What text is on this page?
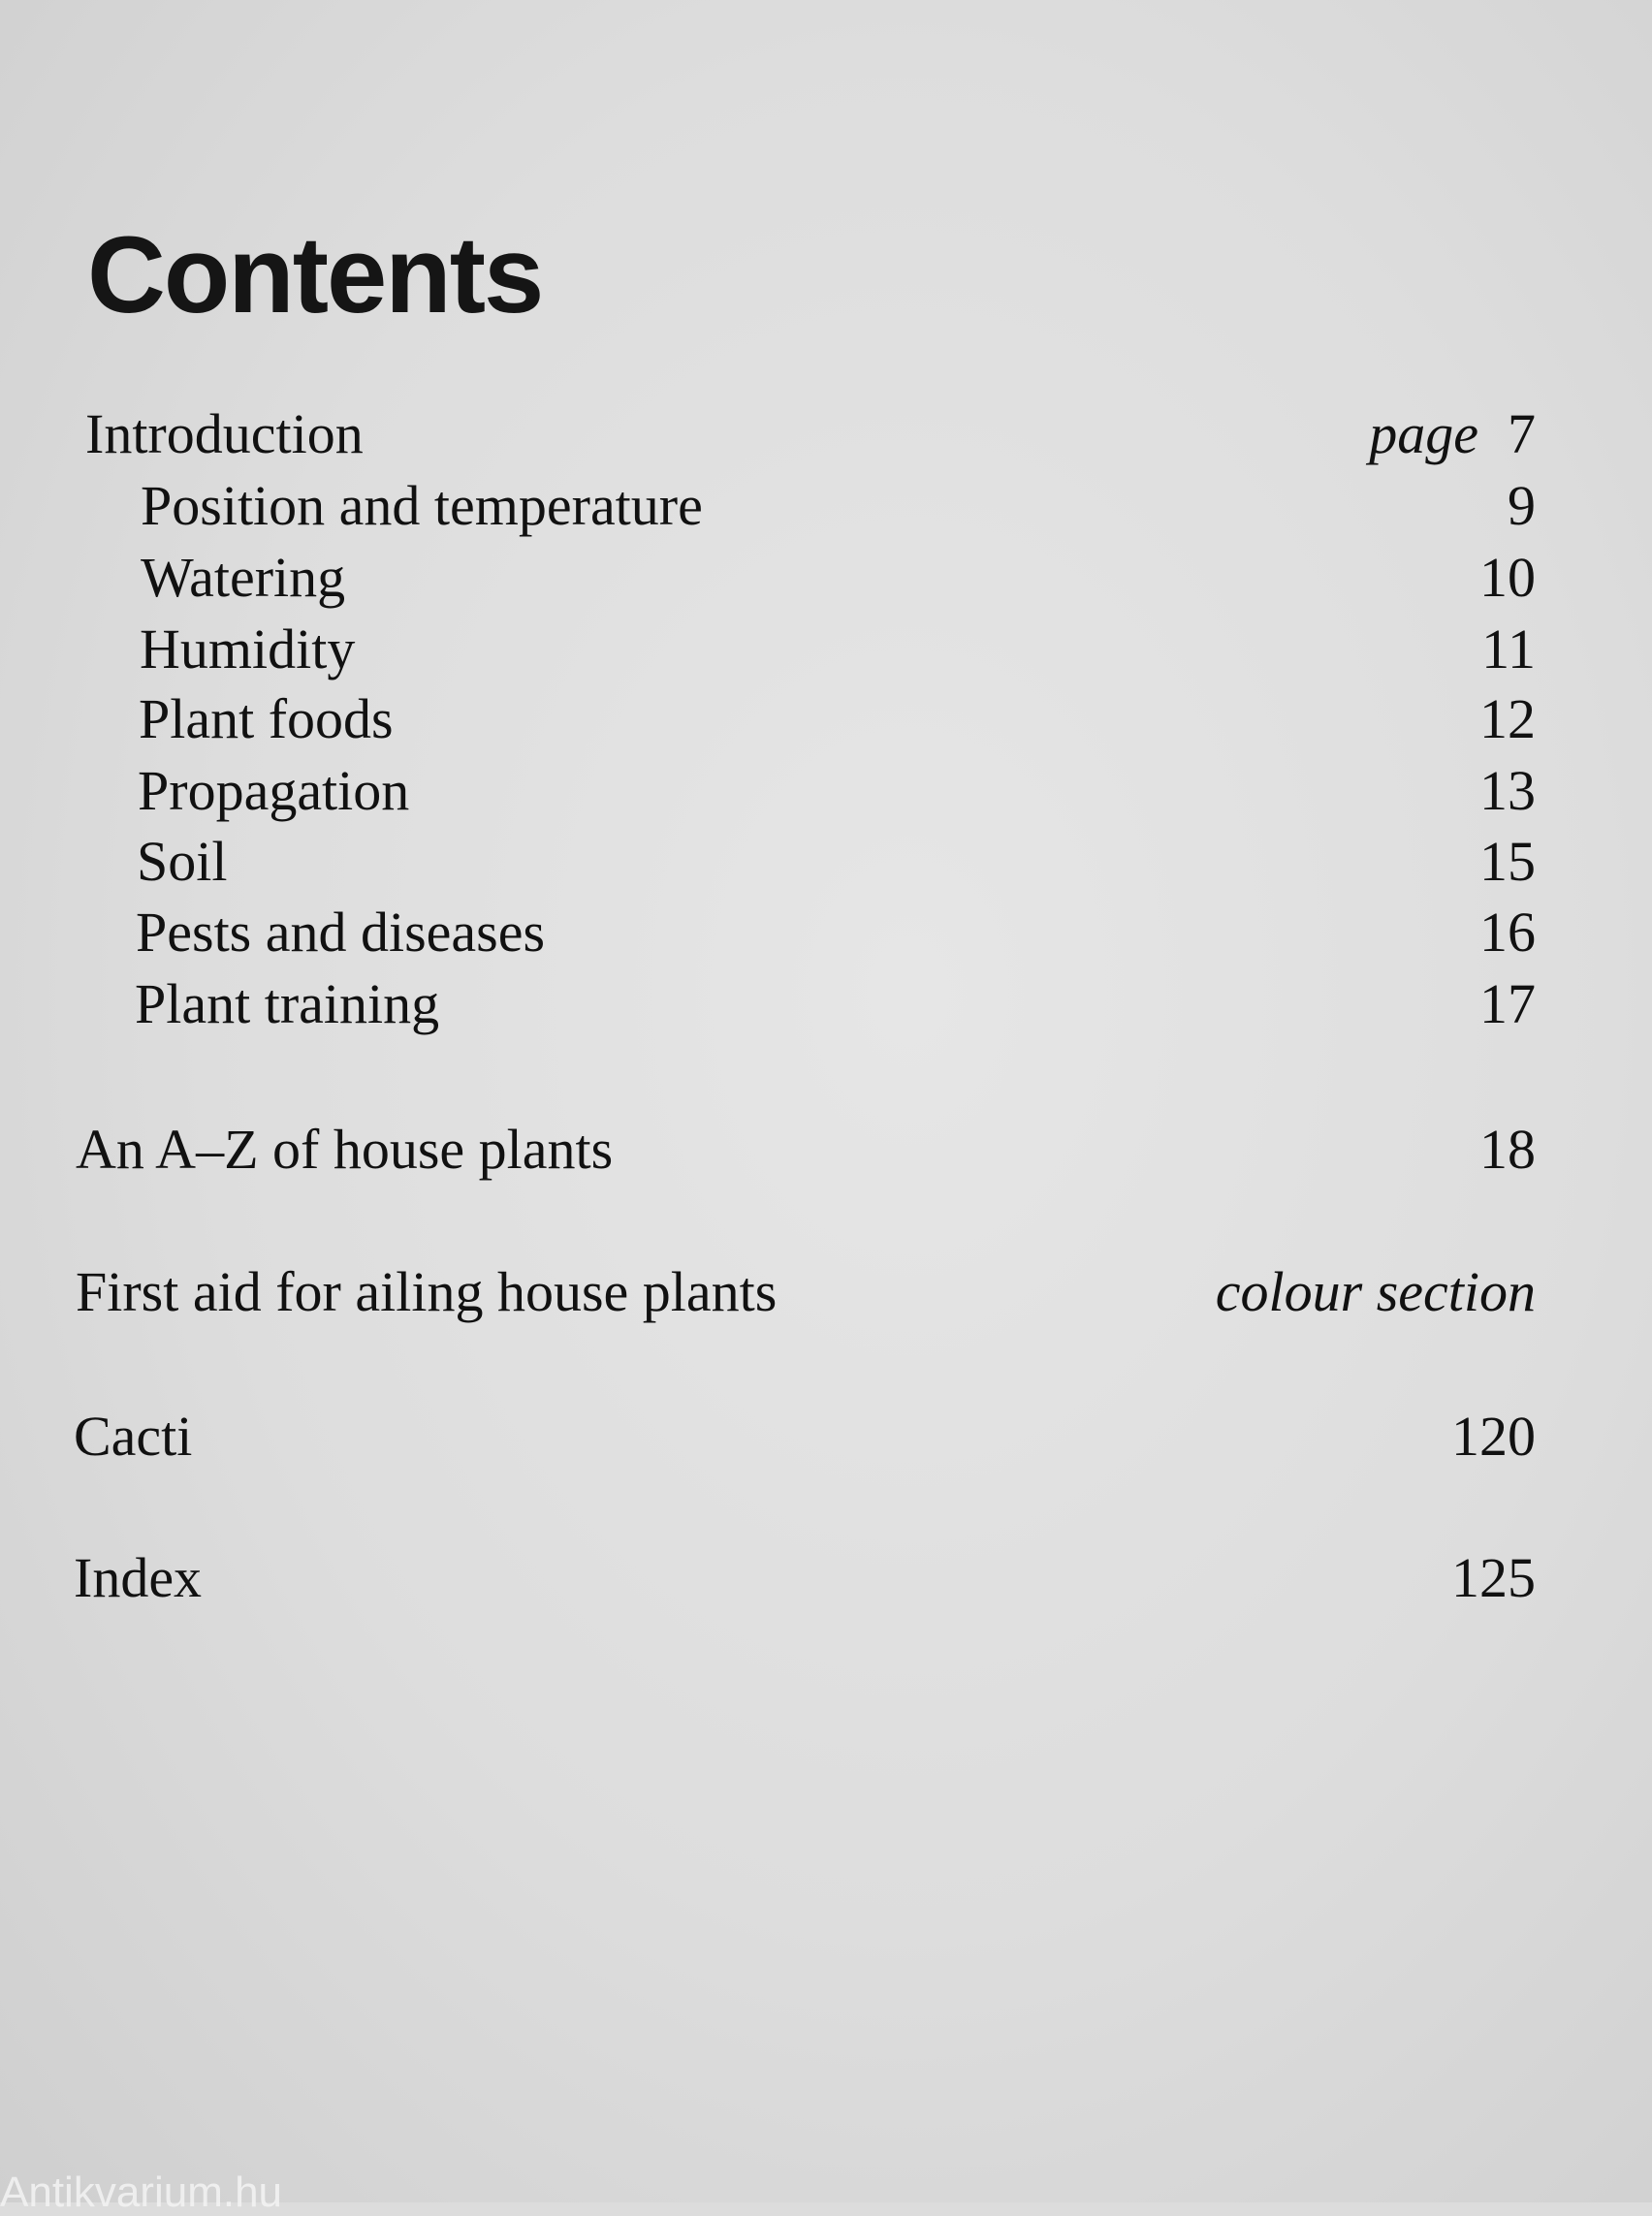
Contents
Introduction	page 7
Position and temperature	9
Watering	10
Humidity	11
Plant foods	12
Propagation	13
Soil	15
Pests and diseases	16
Plant training	17
An A–Z of house plants	18
First aid for ailing house plants	colour section
Cacti	120
Index	125
Antikvarium.hu
